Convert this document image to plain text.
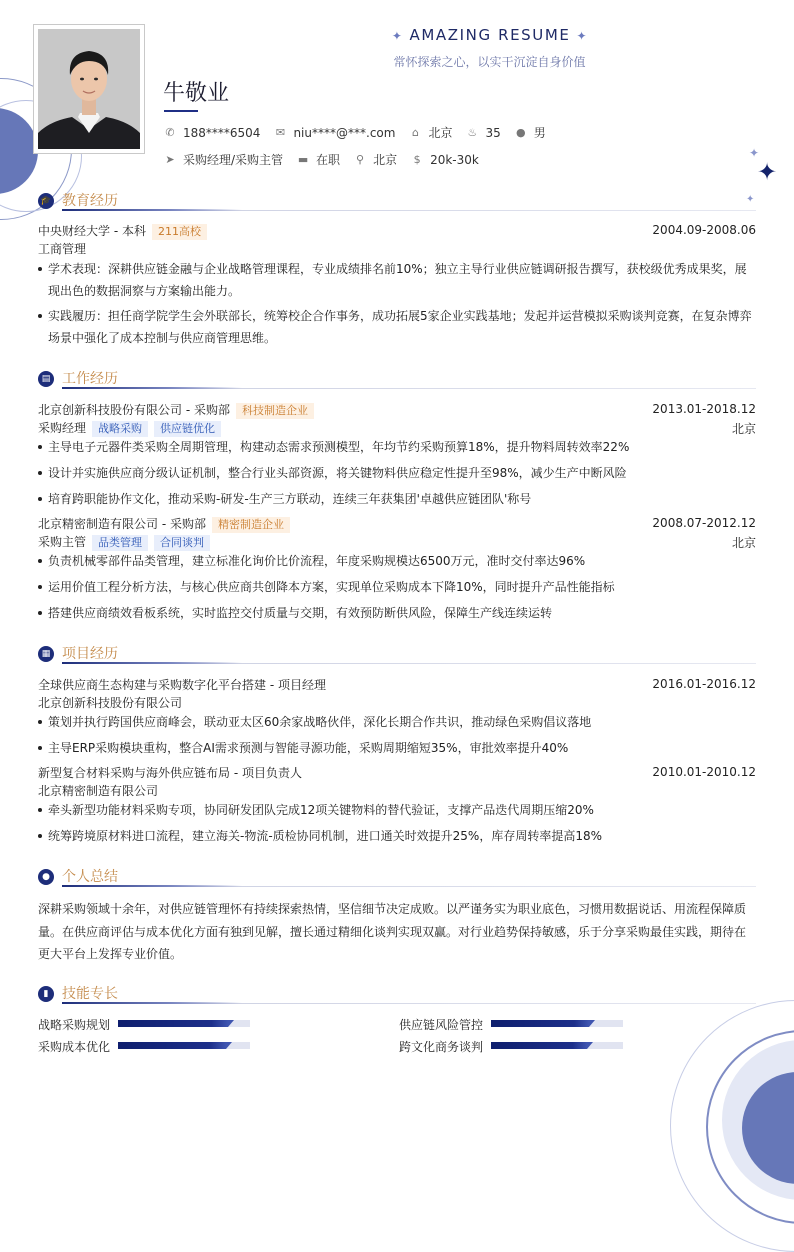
✦
✦
✦
✦ AMAZING RESUME ✦
常怀探索之心，以实干沉淀自身价值
牛敬业
✆ 188****6504 ✉ niu****@***.com ⌂ 北京 ♨ 35 ● 男
➤ 采购经理/采购主管 ▬ 在职 ⚲ 北京 $ 20k-30k
🎓 教育经历
中央财经大学 - 本科 211高校	2004.09-2008.06
工商管理
学术表现：深耕供应链金融与企业战略管理课程，专业成绩排名前10%；独立主导行业供应链调研报告撰写，获校级优秀成果奖，展现出色的数据洞察与方案输出能力。
实践履历：担任商学院学生会外联部长，统筹校企合作事务，成功拓展5家企业实践基地；发起并运营模拟采购谈判竞赛，在复杂博弈场景中强化了成本控制与供应商管理思维。
▤ 工作经历
北京创新科技股份有限公司 - 采购部 科技制造企业	2013.01-2018.12
采购经理 战略采购 供应链优化	北京
主导电子元器件类采购全周期管理，构建动态需求预测模型，年均节约采购预算18%，提升物料周转效率22%
设计并实施供应商分级认证机制，整合行业头部资源，将关键物料供应稳定性提升至98%，减少生产中断风险
培育跨职能协作文化，推动采购-研发-生产三方联动，连续三年获集团'卓越供应链团队'称号
北京精密制造有限公司 - 采购部 精密制造企业	2008.07-2012.12
采购主管 品类管理 合同谈判	北京
负责机械零部件品类管理，建立标准化询价比价流程，年度采购规模达6500万元，准时交付率达96%
运用价值工程分析方法，与核心供应商共创降本方案，实现单位采购成本下降10%，同时提升产品性能指标
搭建供应商绩效看板系统，实时监控交付质量与交期，有效预防断供风险，保障生产线连续运转
▦ 项目经历
全球供应商生态构建与采购数字化平台搭建 - 项目经理	2016.01-2016.12
北京创新科技股份有限公司
策划并执行跨国供应商峰会，联动亚太区60余家战略伙伴，深化长期合作共识，推动绿色采购倡议落地
主导ERP采购模块重构，整合AI需求预测与智能寻源功能，采购周期缩短35%，审批效率提升40%
新型复合材料采购与海外供应链布局 - 项目负责人	2010.01-2010.12
北京精密制造有限公司
牵头新型功能材料采购专项，协同研发团队完成12项关键物料的替代验证，支撑产品迭代周期压缩20%
统筹跨境原材料进口流程，建立海关-物流-质检协同机制，进口通关时效提升25%，库存周转率提高18%
● 个人总结
深耕采购领域十余年，对供应链管理怀有持续探索热情，坚信细节决定成败。以严谨务实为职业底色，习惯用数据说话、用流程保障质量。在供应商评估与成本优化方面有独到见解，擅长通过精细化谈判实现双赢。对行业趋势保持敏感，乐于分享采购最佳实践，期待在更大平台上发挥专业价值。
▮ 技能专长
战略采购规划	供应链风险管控
采购成本优化	跨文化商务谈判
